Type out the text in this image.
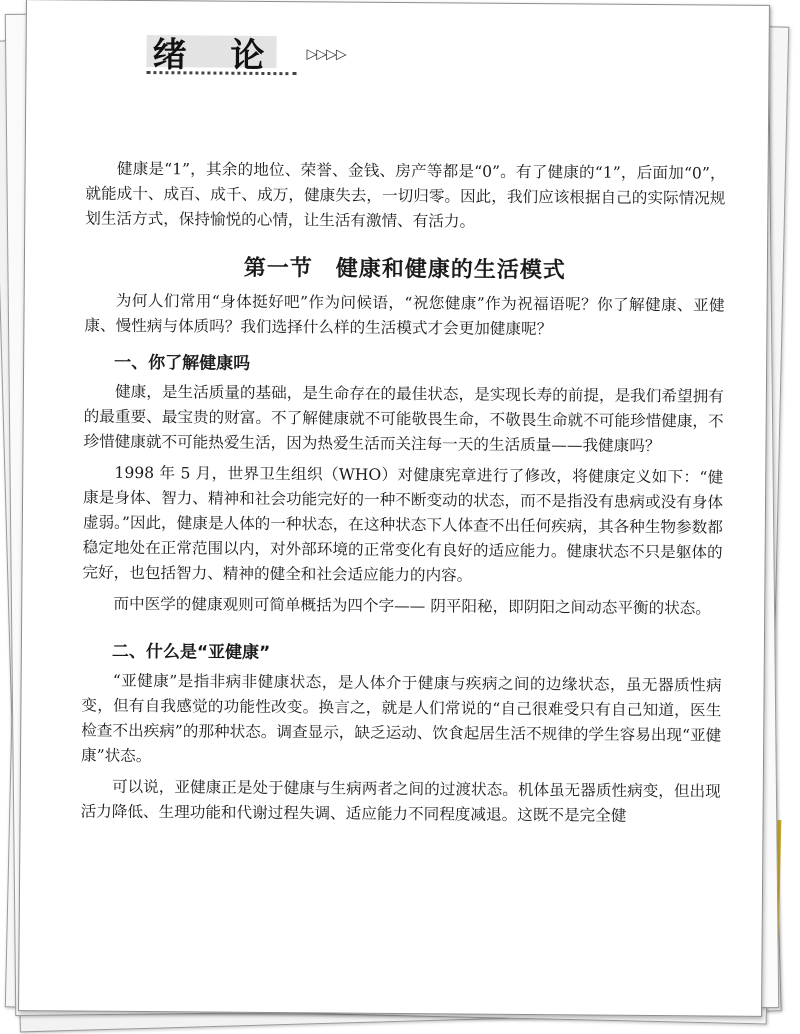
绪 论 ▷▷▷▷

健康是“1”，其余的地位、荣誉、金钱、房产等都是“0”。有了健康的“1”，后面加“0”，就能成十、成百、成千、成万，健康失去，一切归零。因此，我们应该根据自己的实际情况规划生活方式，保持愉悦的心情，让生活有激情、有活力。

第一节　健康和健康的生活模式

为何人们常用“身体挺好吧”作为问候语，“祝您健康”作为祝福语呢？你了解健康、亚健康、慢性病与体质吗？我们选择什么样的生活模式才会更加健康呢？

一、你了解健康吗

健康，是生活质量的基础，是生命存在的最佳状态，是实现长寿的前提，是我们希望拥有的最重要、最宝贵的财富。不了解健康就不可能敬畏生命，不敬畏生命就不可能珍惜健康，不珍惜健康就不可能热爱生活，因为热爱生活而关注每一天的生活质量——我健康吗？

1998 年 5 月，世界卫生组织（WHO）对健康宪章进行了修改，将健康定义如下：“健康是身体、智力、精神和社会功能完好的一种不断变动的状态，而不是指没有患病或没有身体虚弱。”因此，健康是人体的一种状态，在这种状态下人体查不出任何疾病，其各种生物参数都稳定地处在正常范围以内，对外部环境的正常变化有良好的适应能力。健康状态不只是躯体的完好，也包括智力、精神的健全和社会适应能力的内容。

而中医学的健康观则可简单概括为四个字—— 阴平阳秘，即阴阳之间动态平衡的状态。

二、什么是“亚健康”

“亚健康”是指非病非健康状态，是人体介于健康与疾病之间的边缘状态，虽无器质性病变，但有自我感觉的功能性改变。换言之，就是人们常说的“自己很难受只有自己知道，医生检查不出疾病”的那种状态。调查显示，缺乏运动、饮食起居生活不规律的学生容易出现“亚健康”状态。

可以说，亚健康正是处于健康与生病两者之间的过渡状态。机体虽无器质性病变，但出现活力降低、生理功能和代谢过程失调、适应能力不同程度减退。这既不是完全健
